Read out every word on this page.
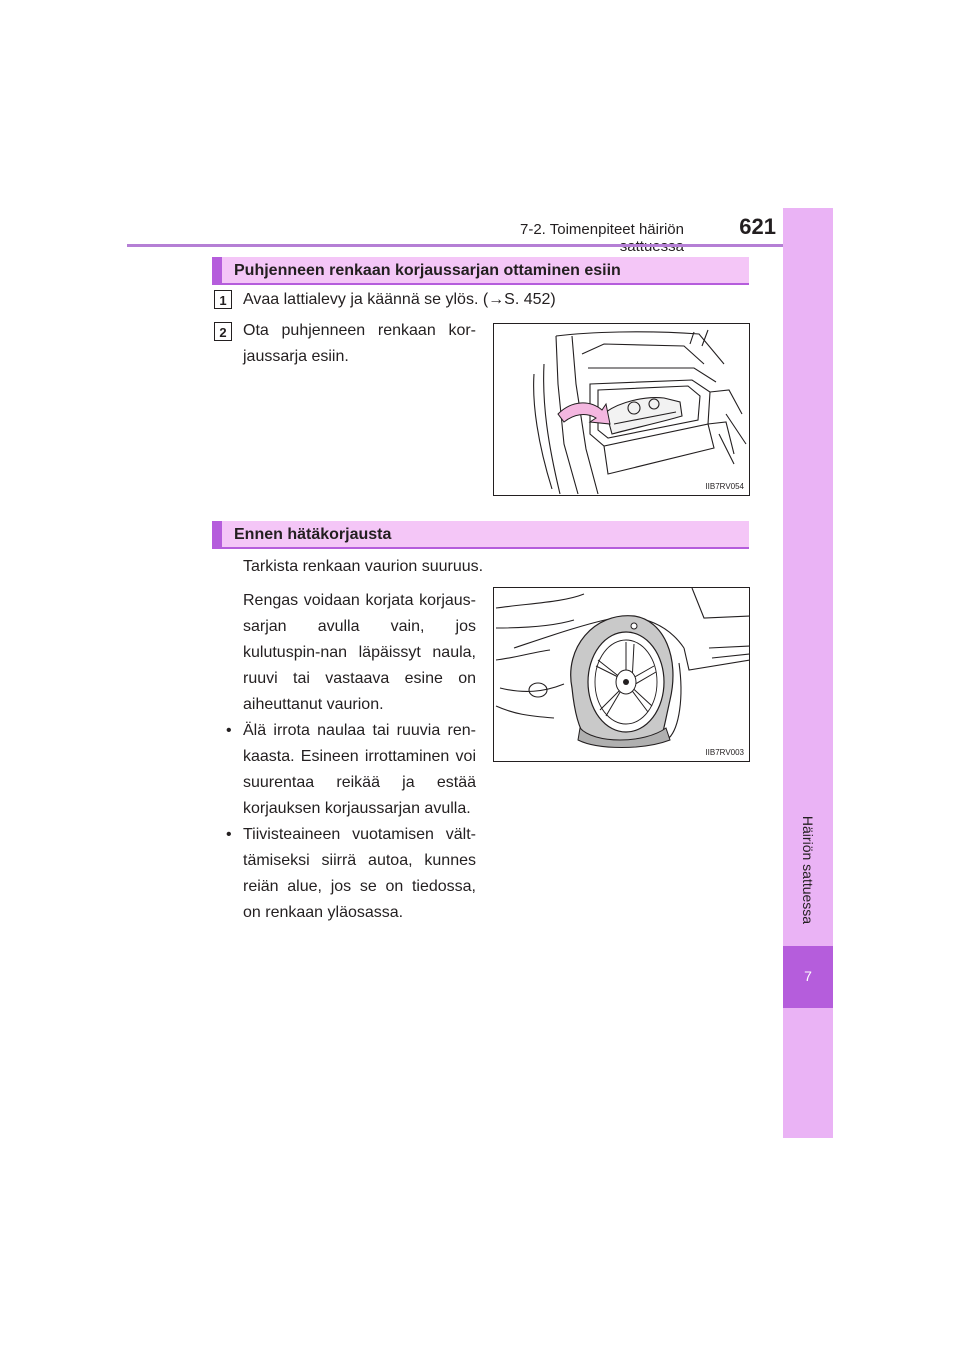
7-2. Toimenpiteet häiriön	621
7
Häiriön sattuessa
Puhjenneen renkaan korjaussarjan ottaminen esiin
1	Avaa lattialevy ja käännä se ylös. (→S. 452)
2	Ota puhjenneen renkaan kor-jaussarja esiin.
IIB7RV054
Ennen hätäkorjausta
Tarkista renkaan vaurion suuruus.
Rengas voidaan korjata korjaus-sarjan avulla vain, jos kulutuspin-nan läpäissyt naula, ruuvi tai vastaava esine on aiheuttanut vaurion.
• Älä irrota naulaa tai ruuvia ren-kaasta. Esineen irrottaminen voi suurentaa reikää ja estää korjauksen korjaussarjan avulla.
• Tiivisteaineen vuotamisen vält-tämiseksi siirrä autoa, kunnes reiän alue, jos se on tiedossa, on renkaan yläosassa.
IIB7RV003
